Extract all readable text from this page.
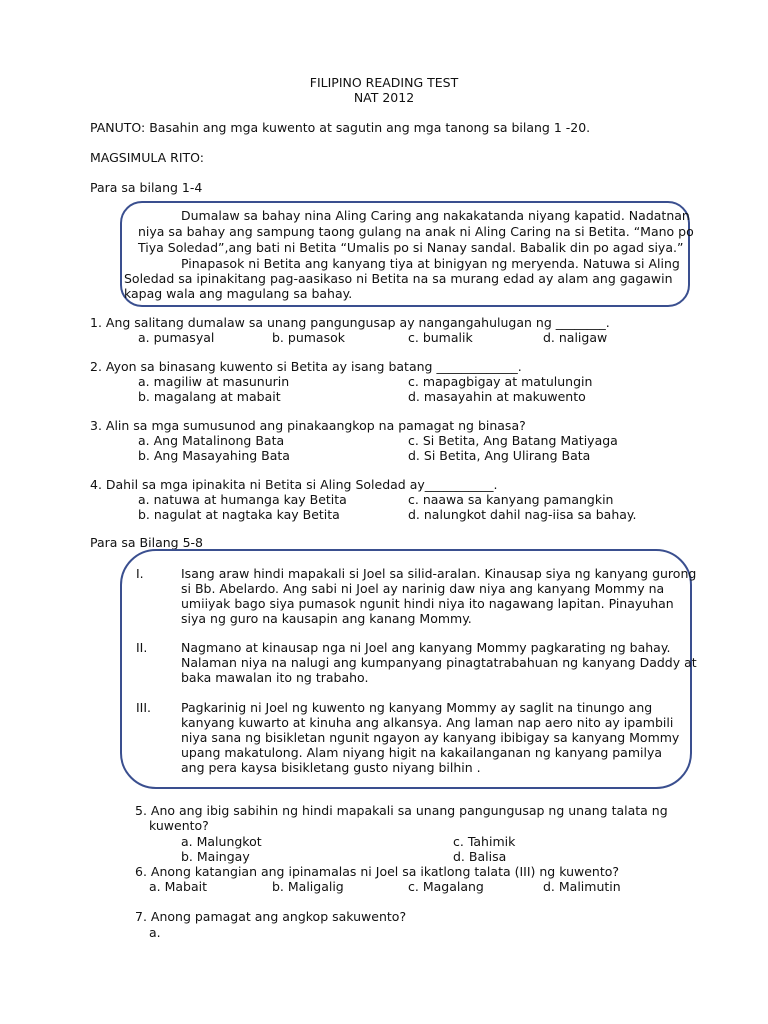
FILIPINO READING TEST
NAT 2012
PANUTO: Basahin ang mga kuwento at sagutin ang mga tanong sa bilang 1 -20.
MAGSIMULA RITO:
Para sa bilang 1-4
Dumalaw sa bahay nina Aling Caring ang nakakatanda niyang kapatid. Nadatnan
niya sa bahay ang sampung taong gulang na anak ni Aling Caring na si Betita. “Mano po
Tiya Soledad”,ang bati ni Betita “Umalis po si Nanay sandal. Babalik din po agad siya.”
Pinapasok ni Betita ang kanyang tiya at binigyan ng meryenda. Natuwa si Aling
Soledad sa ipinakitang pag-aasikaso ni Betita na sa murang edad ay alam ang gagawin
kapag wala ang magulang sa bahay.
1. Ang salitang dumalaw sa unang pangungusap ay nangangahulugan ng ________.
a. pumasyal	b. pumasok	c. bumalik	d. naligaw
2. Ayon sa binasang kuwento si Betita ay isang batang _____________.
a. magiliw at masunurin	c. mapagbigay at matulungin
b. magalang at mabait	d. masayahin at makuwento
3. Alin sa mga sumusunod ang pinakaangkop na pamagat ng binasa?
a. Ang Matalinong Bata	c. Si Betita, Ang Batang Matiyaga
b. Ang Masayahing Bata	d. Si Betita, Ang Ulirang Bata
4. Dahil sa mga ipinakita ni Betita si Aling Soledad ay___________.
a. natuwa at humanga kay Betita	c. naawa sa kanyang pamangkin
b. nagulat at nagtaka kay Betita	d. nalungkot dahil nag-iisa sa bahay.
Para sa Bilang 5-8
I.	Isang araw hindi mapakali si Joel sa silid-aralan. Kinausap siya ng kanyang gurong
si Bb. Abelardo. Ang sabi ni Joel ay narinig daw niya ang kanyang Mommy na
umiiyak bago siya pumasok ngunit hindi niya ito nagawang lapitan. Pinayuhan
siya ng guro na kausapin ang kanang Mommy.
II.	Nagmano at kinausap nga ni Joel ang kanyang Mommy pagkarating ng bahay.
Nalaman niya na nalugi ang kumpanyang pinagtatrabahuan ng kanyang Daddy at
baka mawalan ito ng trabaho.
III. Pagkarinig ni Joel ng kuwento ng kanyang Mommy ay saglit na tinungo ang
kanyang kuwarto at kinuha ang alkansya. Ang laman nap aero nito ay ipambili
niya sana ng bisikletan ngunit ngayon ay kanyang ibibigay sa kanyang Mommy
upang makatulong. Alam niyang higit na kakailanganan ng kanyang pamilya
ang pera kaysa bisikletang gusto niyang bilhin .
5. Ano ang ibig sabihin ng hindi mapakali sa unang pangungusap ng unang talata ng
kuwento?
a. Malungkot	c. Tahimik
b. Maingay	d. Balisa
6. Anong katangian ang ipinamalas ni Joel sa ikatlong talata (III) ng kuwento?
a. Mabait	b. Maligalig	c. Magalang	d. Malimutin
7. Anong pamagat ang angkop sakuwento?
a.
